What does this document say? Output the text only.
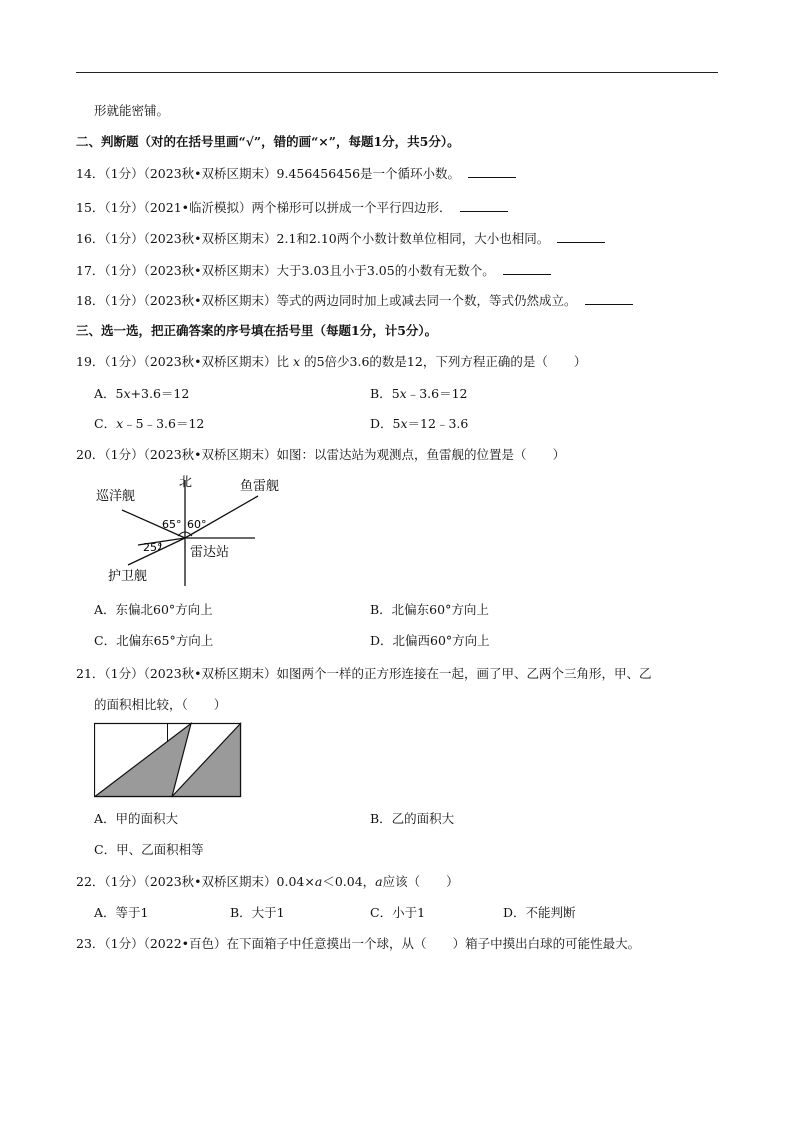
形就能密铺。
二、判断题（对的在括号里画“√”，错的画“×”，每题1分，共5分）。
14．（1分）（2023秋•双桥区期末）9.456456456是一个循环小数。
15．（1分）（2021•临沂模拟）两个梯形可以拼成一个平行四边形．
16．（1分）（2023秋•双桥区期末）2.1和2.10两个小数计数单位相同，大小也相同。
17．（1分）（2023秋•双桥区期末）大于3.03且小于3.05的小数有无数个。
18．（1分）（2023秋•双桥区期末）等式的两边同时加上或减去同一个数，等式仍然成立。
三、选一选，把正确答案的序号填在括号里（每题1分，计5分）。
19．（1分）（2023秋•双桥区期末）比 x 的5倍少3.6的数是12，下列方程正确的是（ ）
A．5x+3.6＝12	B．5x﹣3.6＝12
C．x﹣5﹣3.6＝12	D．5x＝12﹣3.6
20．（1分）（2023秋•双桥区期末）如图：以雷达站为观测点，鱼雷舰的位置是（ ）
北
巡洋舰
鱼雷舰
65° 60°
25° 雷达站
护卫舰
A．东偏北60°方向上	B．北偏东60°方向上
C．北偏东65°方向上	D．北偏西60°方向上
21．（1分）（2023秋•双桥区期末）如图两个一样的正方形连接在一起，画了甲、乙两个三角形，甲、乙
的面积相比较，（ ）
A．甲的面积大	B．乙的面积大
C．甲、乙面积相等
22．（1分）（2023秋•双桥区期末）0.04×a＜0.04，a应该（ ）
A．等于1	B．大于1	C．小于1	D．不能判断
23．（1分）（2022•百色）在下面箱子中任意摸出一个球，从（ ）箱子中摸出白球的可能性最大。
